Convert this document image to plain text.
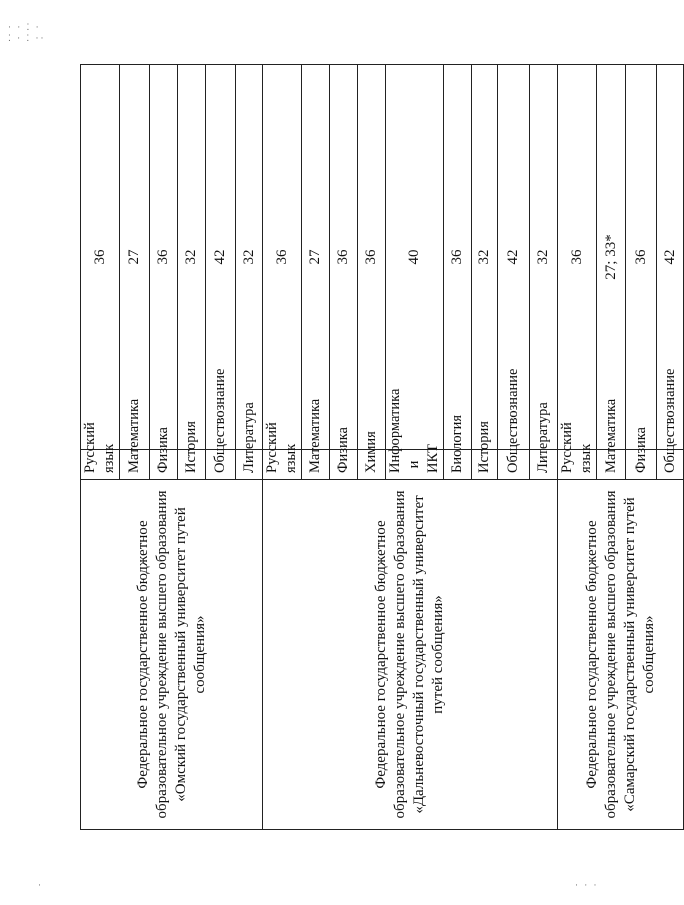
· · ⁚ ·
⁚ · ⁚ ··
·	· · ·
Федеральное государственное бюджетное образовательное учреждение высшего образования «Омский государственный университет путей сообщения»	Русский язык	36
	Математика	27
	Физика	36
	История	32
	Обществознание	42
	Литература	32
Федеральное государственное бюджетное образовательное учреждение высшего образования «Дальневосточный государственный университет путей сообщения»	Русский язык	36
	Математика	27
	Физика	36
	Химия	36
	Информатика и ИКТ	40
	Биология	36
	История	32
	Обществознание	42
	Литература	32
Федеральное государственное бюджетное образовательное учреждение высшего образования «Самарский государственный университет путей сообщения»	Русский язык	36
	Математика	27; 33*
	Физика	36
	Обществознание	42
